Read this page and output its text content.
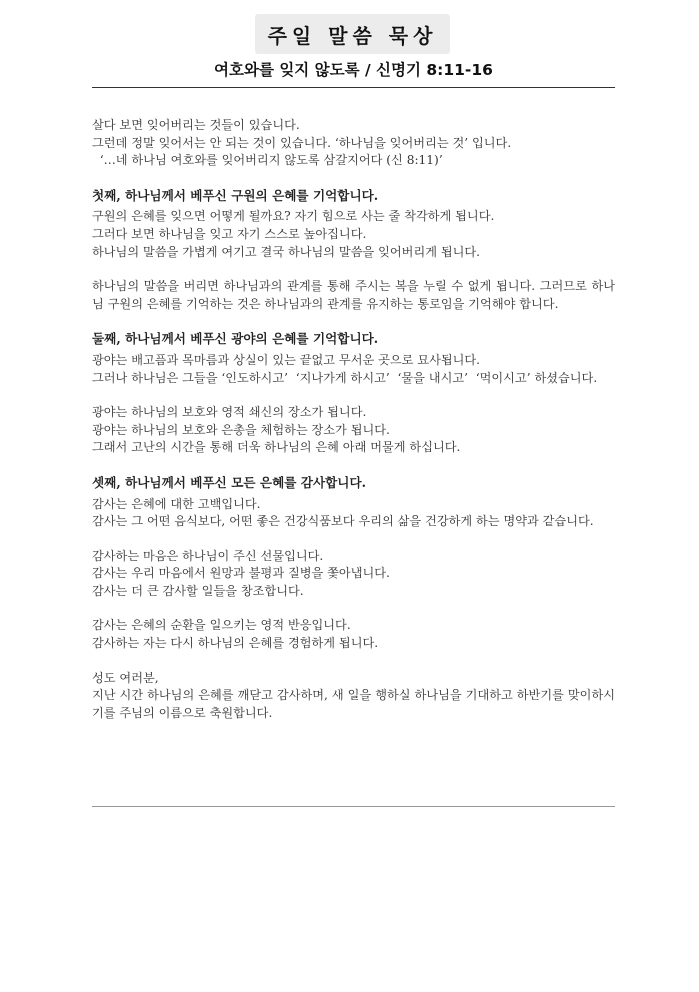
주일 말씀 묵상
여호와를 잊지 않도록 / 신명기 8:11-16

살다 보면 잊어버리는 것들이 있습니다.

그런데 정말 잊어서는 안 되는 것이 있습니다. ‘하나님을 잊어버리는 것’ 입니다.

‘…네 하나님 여호와를 잊어버리지 않도록 삼갈지어다 (신 8:11)’

첫째, 하나님께서 베푸신 구원의 은혜를 기억합니다.

구원의 은혜를 잊으면 어떻게 될까요? 자기 힘으로 사는 줄 착각하게 됩니다.

그러다 보면 하나님을 잊고 자기 스스로 높아집니다.

하나님의 말씀을 가볍게 여기고 결국 하나님의 말씀을 잊어버리게 됩니다.

하나님의 말씀을 버리면 하나님과의 관계를 통해 주시는 복을 누릴 수 없게 됩니다. 그러므로 하나님 구원의 은혜를 기억하는 것은 하나님과의 관계를 유지하는 통로임을 기억해야 합니다.

둘째, 하나님께서 베푸신 광야의 은혜를 기억합니다.

광야는 배고픔과 목마름과 상실이 있는 끝없고 무서운 곳으로 묘사됩니다.

그러나 하나님은 그들을 ‘인도하시고’  ‘지나가게 하시고’  ‘물을 내시고’  ‘먹이시고’ 하셨습니다.

광야는 하나님의 보호와 영적 쇄신의 장소가 됩니다.

광야는 하나님의 보호와 은총을 체험하는 장소가 됩니다.

그래서 고난의 시간을 통해 더욱 하나님의 은혜 아래 머물게 하십니다.

셋째, 하나님께서 베푸신 모든 은혜를 감사합니다.

감사는 은혜에 대한 고백입니다.

감사는 그 어떤 음식보다, 어떤 좋은 건강식품보다 우리의 삶을 건강하게 하는 명약과 같습니다.

감사하는 마음은 하나님이 주신 선물입니다.

감사는 우리 마음에서 원망과 불평과 질병을 쫓아냅니다.

감사는 더 큰 감사할 일들을 창조합니다.

감사는 은혜의 순환을 일으키는 영적 반응입니다.

감사하는 자는 다시 하나님의 은혜를 경험하게 됩니다.

성도 여러분,

지난 시간 하나님의 은혜를 깨닫고 감사하며, 새 일을 행하실 하나님을 기대하고 하반기를 맞이하시기를 주님의 이름으로 축원합니다.
